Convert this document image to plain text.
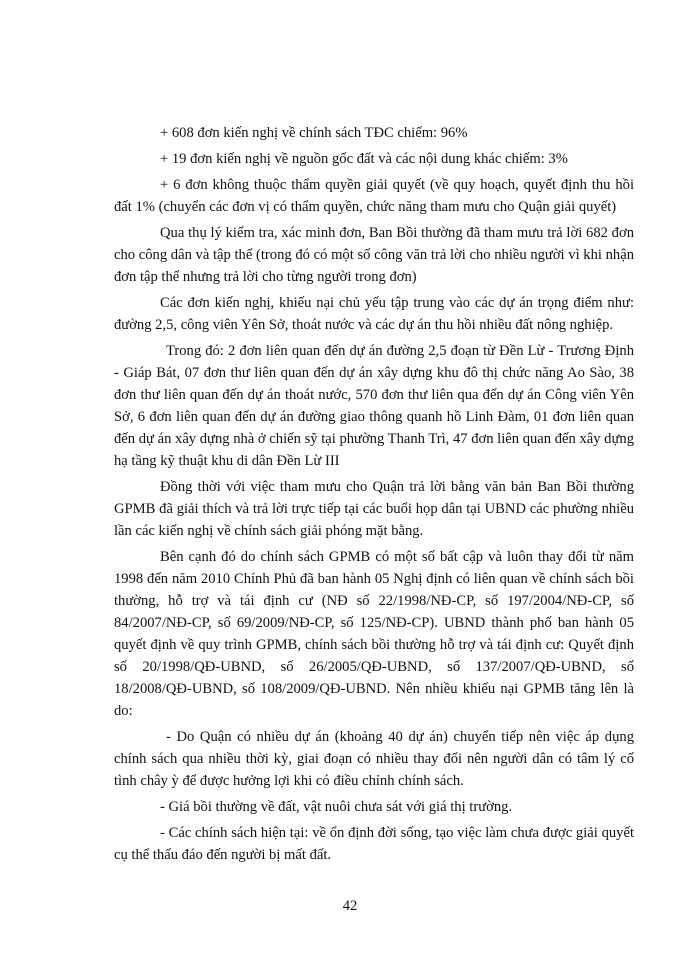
+ 608 đơn kiến nghị về chính sách TĐC chiếm: 96%

+ 19 đơn kiến nghị về nguồn gốc đất và các nội dung khác chiếm: 3%

+ 6 đơn không thuộc thẩm quyền giải quyết (về quy hoạch, quyết định thu hồi đất 1% (chuyển các đơn vị có thẩm quyền, chức năng tham mưu cho Quận giải quyết)

Qua thụ lý kiểm tra, xác minh đơn, Ban Bồi thường đã tham mưu trả lời 682 đơn cho công dân và tập thể (trong đó có một số công văn trả lời cho nhiều người vì khi nhận đơn tập thể nhưng trả lời cho từng người trong đơn)

Các đơn kiến nghị, khiếu nại chủ yếu tập trung vào các dự án trọng điểm như: đường 2,5, công viên Yên Sở, thoát nước và các dự án thu hồi nhiều đất nông nghiệp.

Trong đó: 2 đơn liên quan đến dự án đường 2,5 đoạn từ Đền Lừ - Trương Định - Giáp Bát, 07 đơn thư liên quan đến dự án xây dựng khu đô thị chức năng Ao Sào, 38 đơn thư liên quan đến dự án thoát nước, 570 đơn thư liên qua đến dự án Công viên Yên Sở, 6 đơn liên quan đến dự án đường giao thông quanh hồ Linh Đàm, 01 đơn liên quan đến dự án xây dựng nhà ở chiến sỹ tại phường Thanh Trì, 47 đơn liên quan đến xây dựng hạ tầng kỹ thuật khu di dân Đền Lừ III

Đồng thời với việc tham mưu cho Quận trả lời bằng văn bản Ban Bồi thường GPMB đã giải thích và trả lời trực tiếp tại các buổi họp dân tại UBND các phường nhiều lần các kiến nghị về chính sách giải phóng mặt bằng.

Bên cạnh đó do chính sách GPMB có một số bất cập và luôn thay đổi từ năm 1998 đến năm 2010 Chính Phủ đã ban hành 05 Nghị định có liên quan về chính sách bồi thường, hỗ trợ và tái định cư (NĐ số 22/1998/NĐ-CP, số 197/2004/NĐ-CP, số 84/2007/NĐ-CP, số 69/2009/NĐ-CP, số 125/NĐ-CP). UBND thành phố ban hành 05 quyết định về quy trình GPMB, chính sách bồi thường hỗ trợ và tái định cư: Quyết định số 20/1998/QĐ-UBND, số 26/2005/QĐ-UBND, số 137/2007/QĐ-UBND, số 18/2008/QĐ-UBND, số 108/2009/QĐ-UBND. Nên nhiều khiếu nại GPMB tăng lên là do:

- Do Quận có nhiều dự án (khoảng 40 dự án) chuyển tiếp nên việc áp dụng chính sách qua nhiều thời kỳ, giai đoạn có nhiều thay đổi nên người dân có tâm lý cố tình chây ỳ để được hưởng lợi khi có điều chỉnh chính sách.

- Giá bồi thường về đất, vật nuôi chưa sát với giá thị trường.

- Các chính sách hiện tại: về ổn định đời sống, tạo việc làm chưa được giải quyết cụ thể thấu đáo đến người bị mất đất.

42
